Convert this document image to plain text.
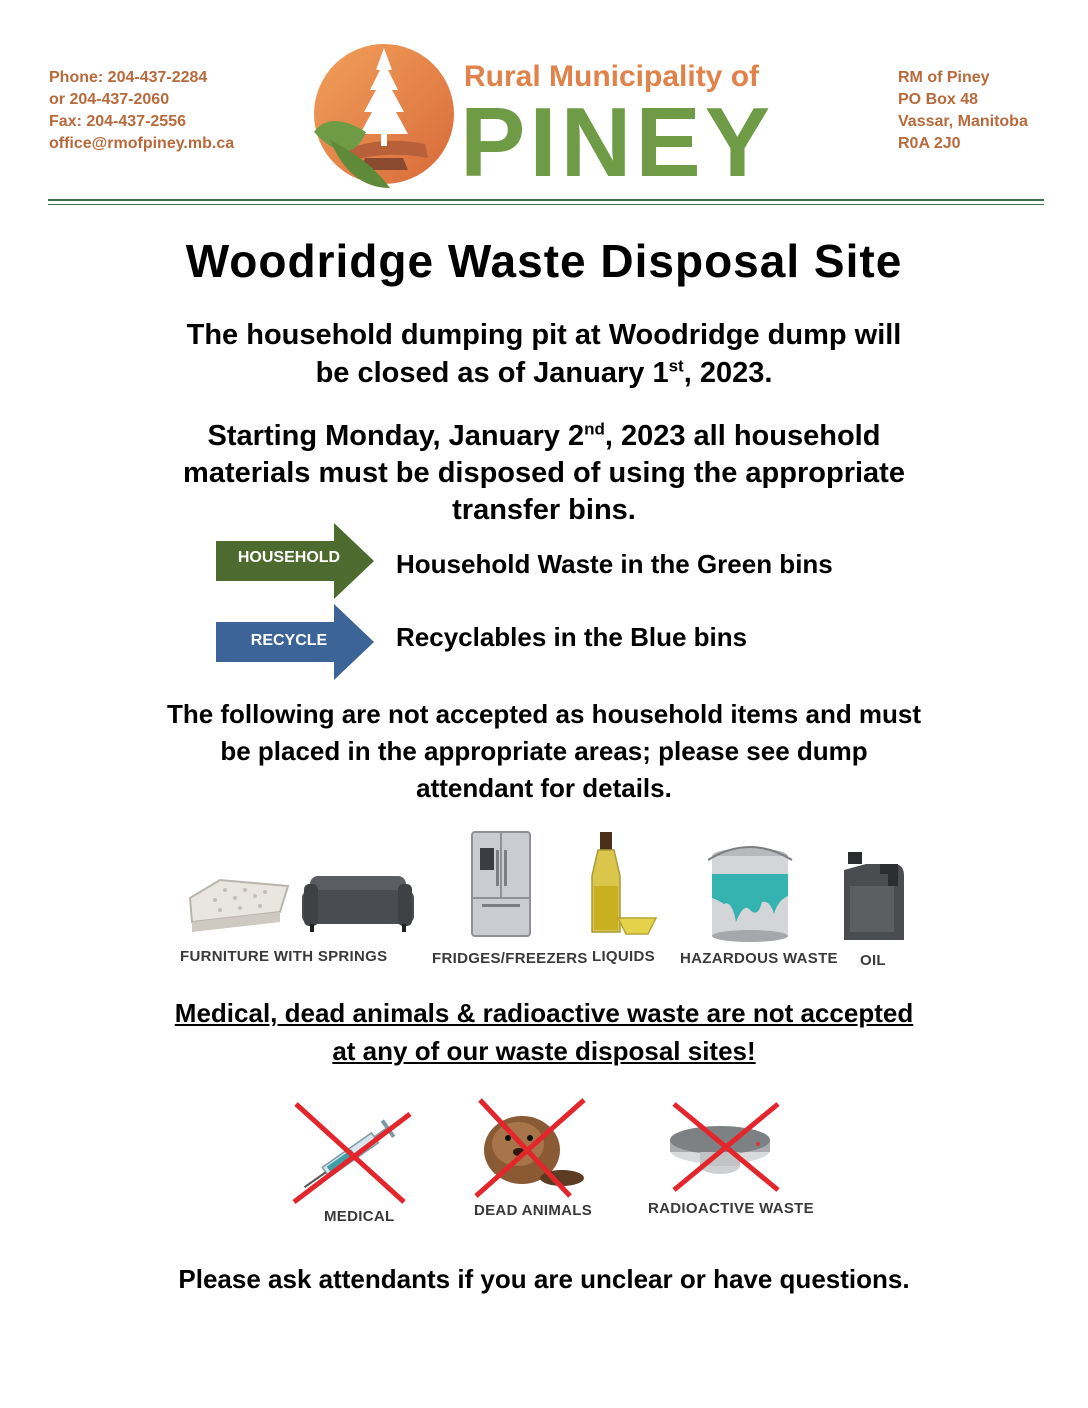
Phone: 204-437-2284
or 204-437-2060
Fax: 204-437-2556
office@rmofpiney.mb.ca
Rural Municipality of
PINEY
RM of Piney
PO Box 48
Vassar, Manitoba
R0A 2J0
Woodridge Waste Disposal Site

The household dumping pit at Woodridge dump will
be closed as of January 1st, 2023.

Starting Monday, January 2nd, 2023 all household
materials must be disposed of using the appropriate
transfer bins.

HOUSEHOLD	Household Waste in the Green bins
RECYCLE	Recyclables in the Blue bins

The following are not accepted as household items and must
be placed in the appropriate areas; please see dump
attendant for details.

FURNITURE WITH SPRINGS	FRIDGES/FREEZERS LIQUIDS HAZARDOUS WASTE OIL

Medical, dead animals & radioactive waste are not accepted
at any of our waste disposal sites!

MEDICAL	DEAD ANIMALS	RADIOACTIVE WASTE
Please ask attendants if you are unclear or have questions.
